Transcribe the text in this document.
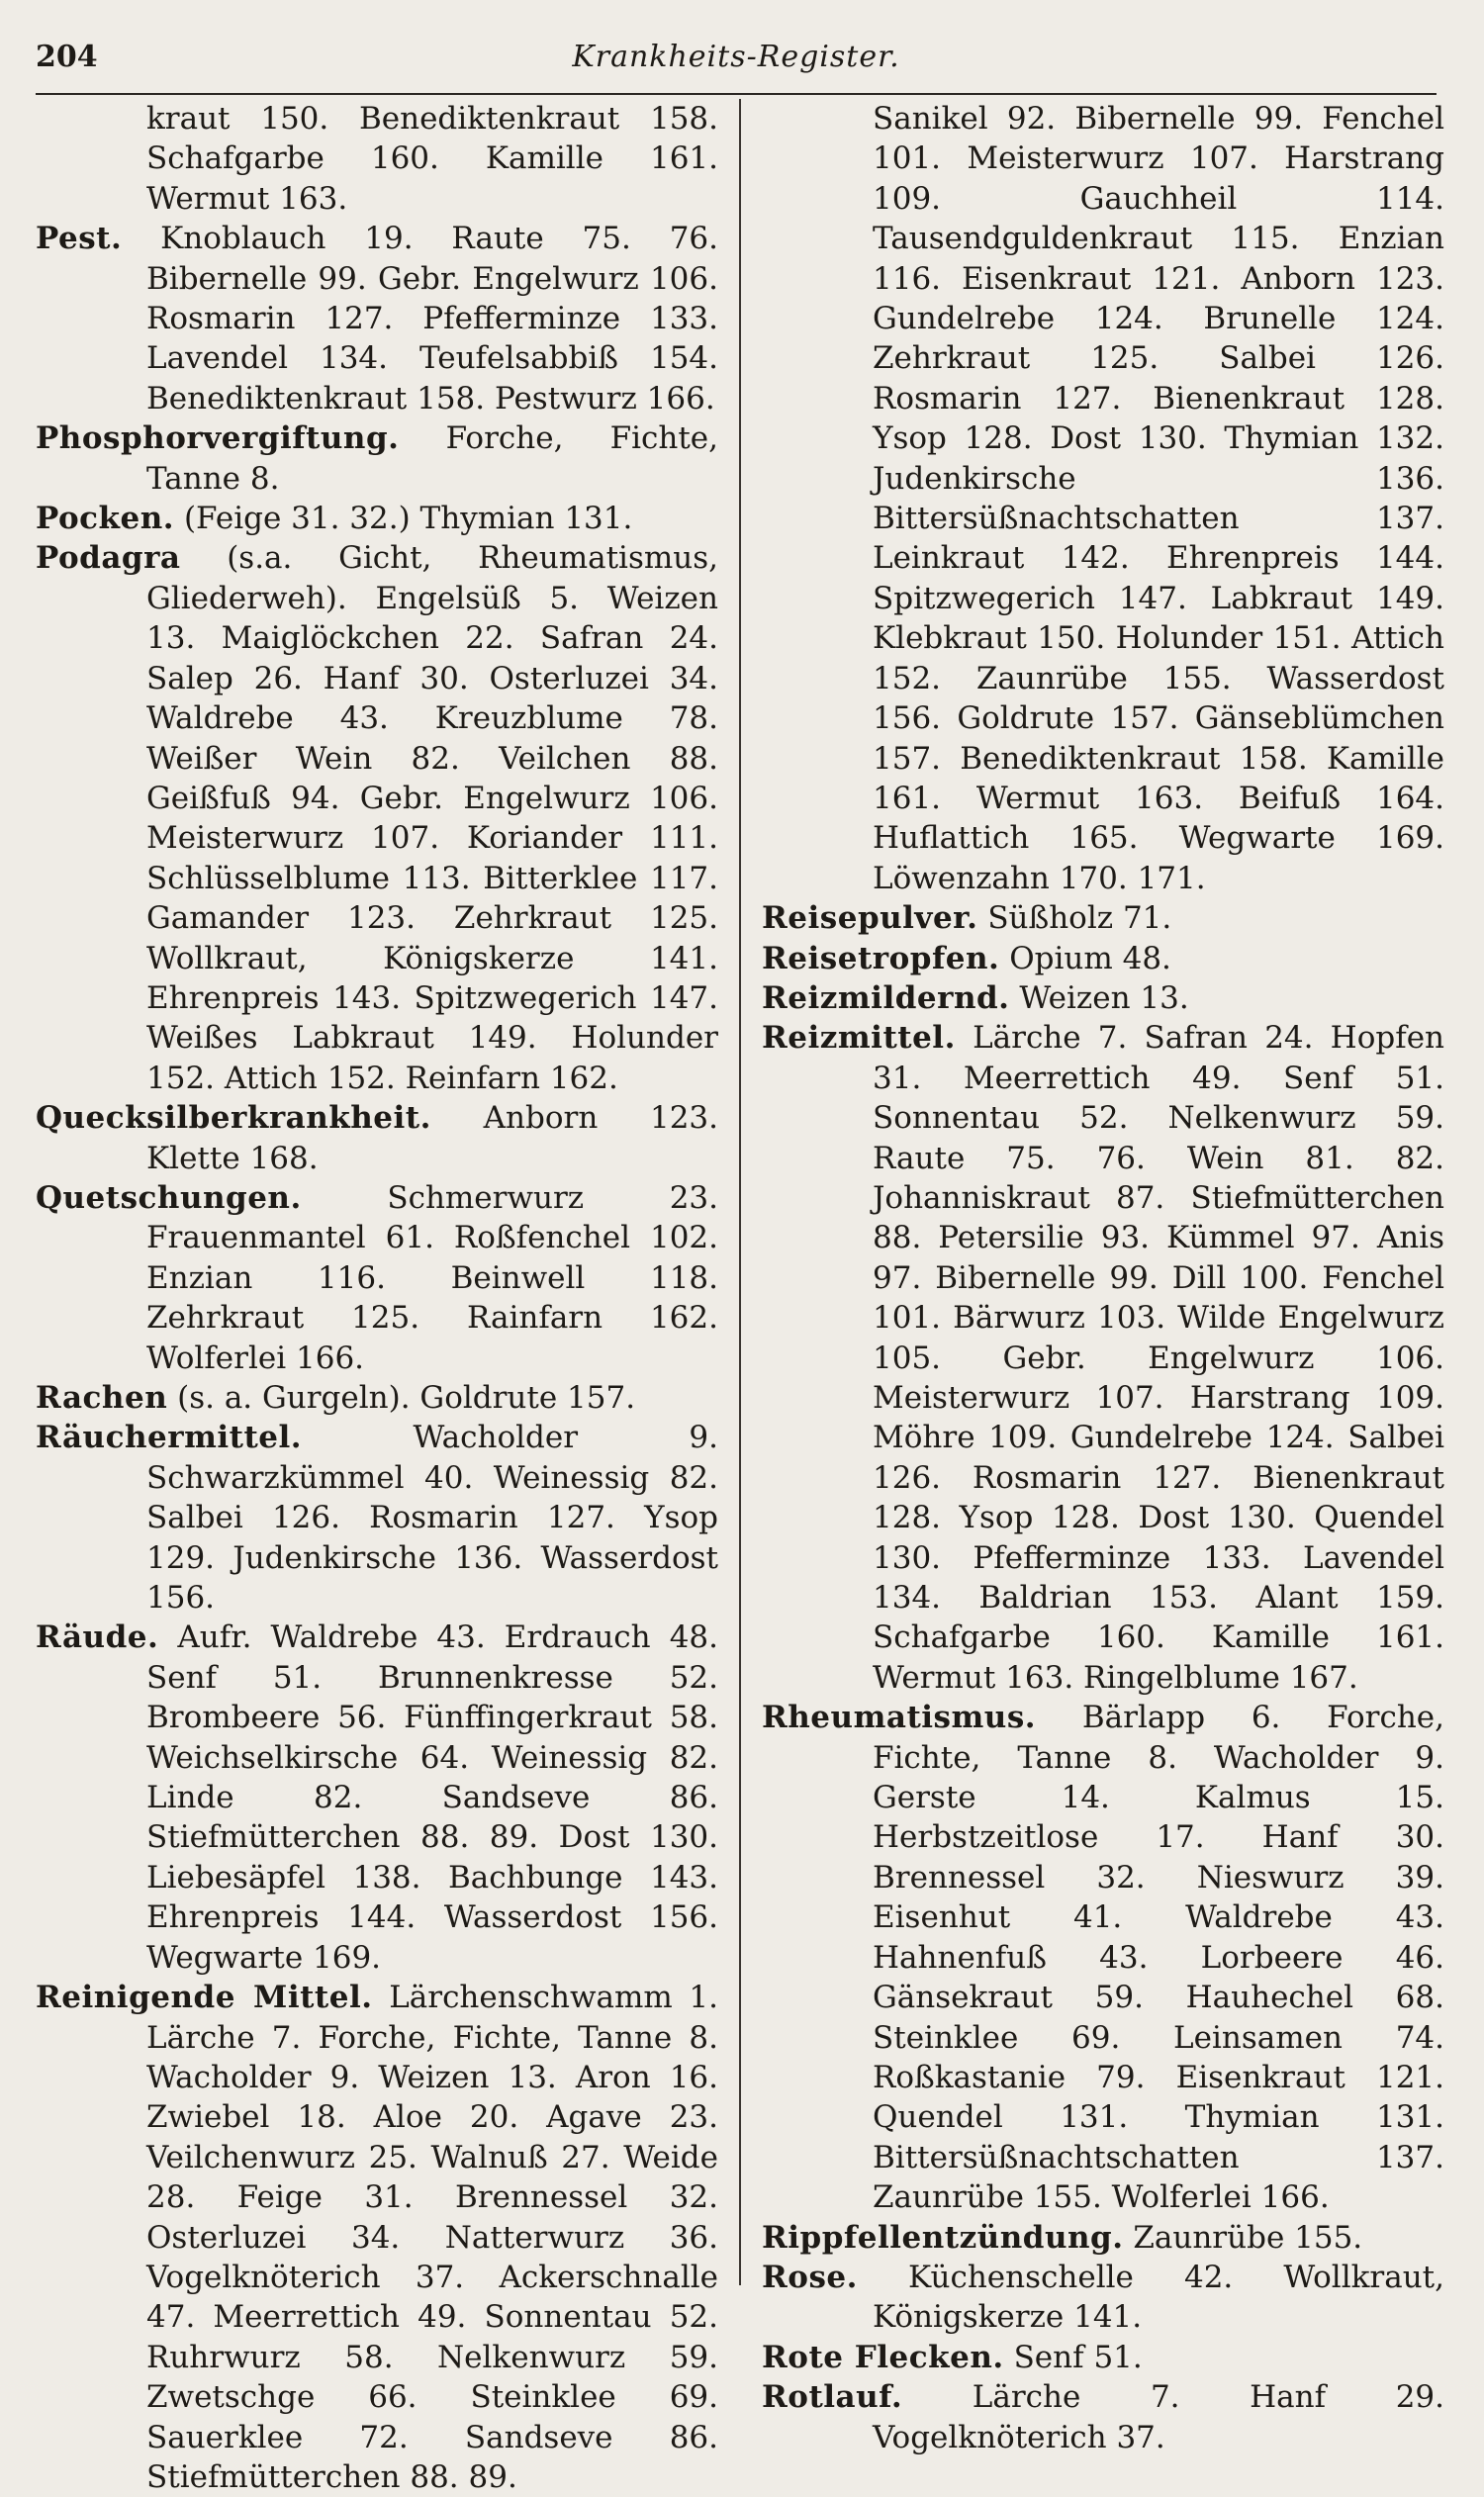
204	Krankheits-Register.

kraut 150. Benediktenkraut 158. Schafgarbe 160. Kamille 161. Wermut 163.

Pest. Knoblauch 19. Raute 75. 76. Bibernelle 99. Gebr. Engelwurz 106. Rosmarin 127. Pfefferminze 133. Lavendel 134. Teufelsabbiß 154. Benediktenkraut 158. Pestwurz 166.

Phosphorvergiftung. Forche, Fichte, Tanne 8.

Pocken. (Feige 31. 32.) Thymian 131.

Podagra (s.a. Gicht, Rheumatismus, Gliederweh). Engelsüß 5. Weizen 13. Maiglöckchen 22. Safran 24. Salep 26. Hanf 30. Osterluzei 34. Waldrebe 43. Kreuzblume 78. Weißer Wein 82. Veilchen 88. Geißfuß 94. Gebr. Engelwurz 106. Meisterwurz 107. Koriander 111. Schlüsselblume 113. Bitterklee 117. Gamander 123. Zehrkraut 125. Wollkraut, Königskerze 141. Ehrenpreis 143. Spitzwegerich 147. Weißes Labkraut 149. Holunder 152. Attich 152. Reinfarn 162.

Quecksilberkrankheit. Anborn 123. Klette 168.

Quetschungen.	Schmerwurz 23. Frauenmantel 61. Roßfenchel 102. Enzian 116. Beinwell 118. Zehrkraut 125. Rainfarn 162. Wolferlei 166.

Rachen (s. a. Gurgeln). Goldrute 157.

Räuchermittel.	Wacholder 9. Schwarzkümmel 40. Weinessig 82. Salbei 126. Rosmarin 127. Ysop 129. Judenkirsche 136. Wasserdost 156.

Räude. Aufr. Waldrebe 43. Erdrauch 48. Senf 51. Brunnenkresse 52. Brombeere 56. Fünffingerkraut 58. Weichselkirsche 64. Weinessig 82. Linde 82. Sandseve 86. Stiefmütterchen 88. 89. Dost 130. Liebesäpfel 138. Bachbunge 143. Ehrenpreis 144. Wasserdost 156. Wegwarte 169.

Reinigende Mittel. Lärchenschwamm 1. Lärche 7. Forche, Fichte, Tanne 8. Wacholder 9. Weizen 13. Aron 16. Zwiebel 18. Aloe 20. Agave 23. Veilchenwurz 25. Walnuß 27. Weide 28. Feige 31. Brennessel 32. Osterluzei 34. Natterwurz 36. Vogelknöterich 37. Ackerschnalle 47. Meerrettich 49. Sonnentau 52. Ruhrwurz 58. Nelkenwurz 59. Zwetschge 66. Steinklee 69. Sauerklee 72. Sandseve 86. Stiefmütterchen 88. 89.

Sanikel 92. Bibernelle 99. Fenchel 101. Meisterwurz 107. Harstrang 109. Gauchheil 114. Tausendguldenkraut 115. Enzian 116. Eisenkraut 121. Anborn 123. Gundelrebe 124. Brunelle 124. Zehrkraut 125. Salbei 126. Rosmarin 127. Bienenkraut 128. Ysop 128. Dost 130. Thymian 132. Judenkirsche 136. Bittersüßnachtschatten 137. Leinkraut 142. Ehrenpreis 144. Spitzwegerich 147. Labkraut 149. Klebkraut 150. Holunder 151. Attich 152. Zaunrübe 155. Wasserdost 156. Goldrute 157. Gänseblümchen 157. Benediktenkraut 158. Kamille 161. Wermut 163. Beifuß 164. Huflattich 165. Wegwarte 169. Löwenzahn 170. 171.

Reisepulver. Süßholz 71.

Reisetropfen. Opium 48.

Reizmildernd. Weizen 13.

Reizmittel. Lärche 7. Safran 24. Hopfen 31. Meerrettich 49. Senf 51. Sonnentau 52. Nelkenwurz 59. Raute 75. 76. Wein 81. 82. Johanniskraut 87. Stiefmütterchen 88. Petersilie 93. Kümmel 97. Anis 97. Bibernelle 99. Dill 100. Fenchel 101. Bärwurz 103. Wilde Engelwurz 105. Gebr. Engelwurz 106. Meisterwurz 107. Harstrang 109. Möhre 109. Gundelrebe 124. Salbei 126. Rosmarin 127. Bienenkraut 128. Ysop 128. Dost 130. Quendel 130. Pfefferminze 133. Lavendel 134. Baldrian 153. Alant 159. Schafgarbe 160. Kamille 161. Wermut 163. Ringelblume 167.

Rheumatismus. Bärlapp 6. Forche, Fichte, Tanne 8. Wacholder 9. Gerste 14. Kalmus 15. Herbstzeitlose 17. Hanf 30. Brennessel 32. Nieswurz 39. Eisenhut 41. Waldrebe 43. Hahnenfuß 43. Lorbeere 46. Gänsekraut 59. Hauhechel 68. Steinklee 69. Leinsamen 74. Roßkastanie 79. Eisenkraut 121. Quendel 131. Thymian 131. Bittersüßnachtschatten 137. Zaunrübe 155. Wolferlei 166.

Rippfellentzündung. Zaunrübe 155.

Rose. Küchenschelle 42. Wollkraut, Königskerze 141.

Rote Flecken. Senf 51.

Rotlauf. Lärche 7. Hanf 29. Vogelknöterich 37.
